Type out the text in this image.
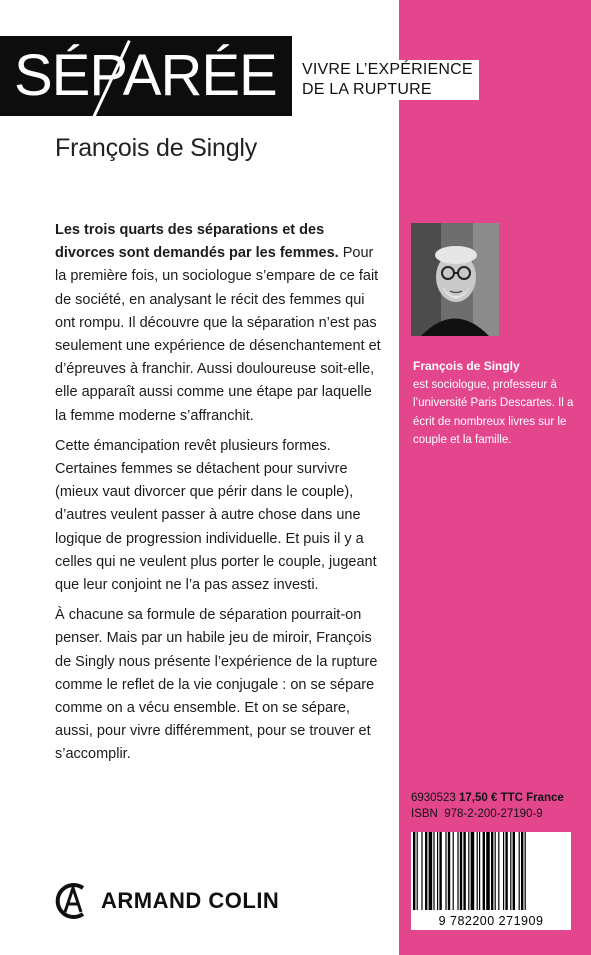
SÉPARÉE VIVRE L’EXPÉRIENCE
DE LA RUPTURE
François de Singly

Les trois quarts des séparations et des divorces sont demandés par les femmes. Pour la première fois, un sociologue s’empare de ce fait de société, en analysant le récit des femmes qui ont rompu. Il découvre que la séparation n’est pas seulement une expérience de désenchantement et d’épreuves à franchir. Aussi douloureuse soit-elle, elle apparaît aussi comme une étape par laquelle la femme moderne s’affranchit.

Cette émancipation revêt plusieurs formes. Certaines femmes se détachent pour survivre (mieux vaut divorcer que périr dans le couple), d’autres veulent passer à autre chose dans une logique de progression individuelle. Et puis il y a celles qui ne veulent plus porter le couple, jugeant que leur conjoint ne l’a pas assez investi.

À chacune sa formule de séparation pourrait-on penser. Mais par un habile jeu de miroir, François de Singly nous présente l’expérience de la rupture comme le reflet de la vie conjugale : on se sépare comme on a vécu ensemble. Et on se sépare, aussi, pour vivre différemment, pour se trouver et s’accomplir.

François de Singly
est sociologue, professeur à l’université Paris Descartes. Il a écrit de nombreux livres sur le couple et la famille.
6930523 17,50 € TTC France
ISBN 978-2-200-27190-9
9 782200 271909
ARMAND COLIN
